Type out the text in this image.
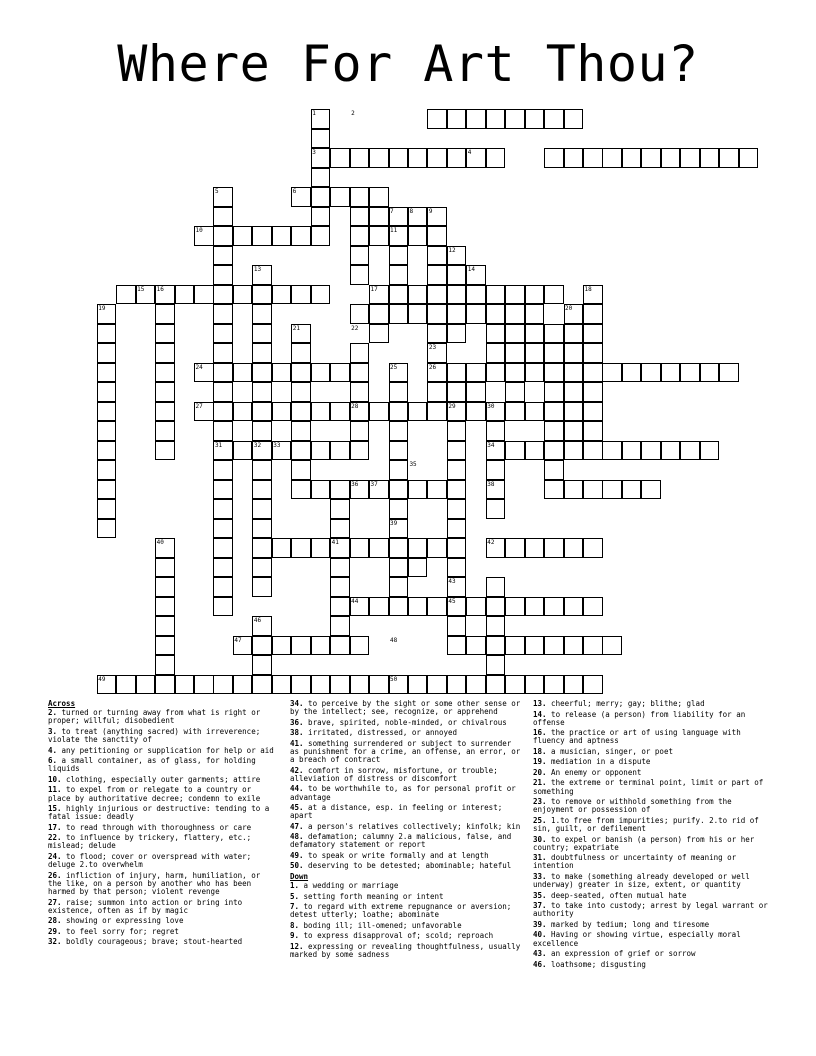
Where For Art Thou?
1	2
3	4
5	6
7	8	9
10	11
12
13	14
15 16	17	18
19	20
21	22
23
24	25	26
27	28	29	30
31	32 33	34
35
36 37	38
39
40	41	42
43
44	45
46
47	48
49	50
Across
2. turned or turning away from what is right or proper; willful; disobedient
3. to treat (anything sacred) with irreverence; violate the sanctity of
4. any petitioning or supplication for help or aid
6. a small container, as of glass, for holding liquids
10. clothing, especially outer garments; attire
11. to expel from or relegate to a country or place by authoritative decree; condemn to exile
15. highly injurious or destructive: tending to a fatal issue: deadly
17. to read through with thoroughness or care
22. to influence by trickery, flattery, etc.; mislead; delude
24. to flood; cover or overspread with water; deluge 2.to overwhelm
26. infliction of injury, harm, humiliation, or the like, on a person by another who has been harmed by that person; violent revenge
27. raise; summon into action or bring into existence, often as if by magic
28. showing or expressing love
29. to feel sorry for; regret
32. boldly courageous; brave; stout-hearted
34. to perceive by the sight or some other sense or by the intellect; see, recognize, or apprehend
36. brave, spirited, noble-minded, or chivalrous
38. irritated, distressed, or annoyed
41. something surrendered or subject to surrender as punishment for a crime, an offense, an error, or a breach of contract
42. comfort in sorrow, misfortune, or trouble; alleviation of distress or discomfort
44. to be worthwhile to, as for personal profit or advantage
45. at a distance, esp. in feeling or interest; apart
47. a person's relatives collectively; kinfolk; kin
48. defamation; calumny 2.a malicious, false, and defamatory statement or report
49. to speak or write formally and at length
50. deserving to be detested; abominable; hateful
Down
1. a wedding or marriage
5. setting forth meaning or intent
7. to regard with extreme repugnance or aversion; detest utterly; loathe; abominate
8. boding ill; ill-omened; unfavorable
9. to express disapproval of; scold; reproach
12. expressing or revealing thoughtfulness, usually marked by some sadness
13. cheerful; merry; gay; blithe; glad
14. to release (a person) from liability for an offense
16. the practice or art of using language with fluency and aptness
18. a musician, singer, or poet
19. mediation in a dispute
20. An enemy or opponent
21. the extreme or terminal point, limit or part of something
23. to remove or withhold something from the enjoyment or possession of
25. 1.to free from impurities; purify. 2.to rid of sin, guilt, or defilement
30. to expel or banish (a person) from his or her country; expatriate
31. doubtfulness or uncertainty of meaning or intention
33. to make (something already developed or well underway) greater in size, extent, or quantity
35. deep-seated, often mutual hate
37. to take into custody; arrest by legal warrant or authority
39. marked by tedium; long and tiresome
40. Having or showing virtue, especially moral excellence
43. an expression of grief or sorrow
46. loathsome; disgusting
